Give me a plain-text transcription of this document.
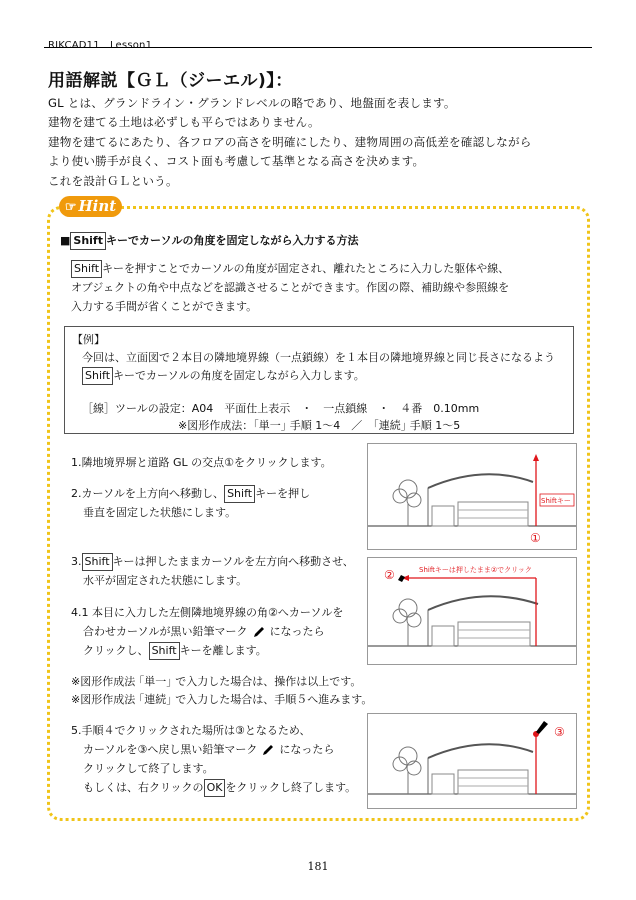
RIKCAD11　Lesson1
用語解説【ＧＬ（ジーエル)】：
GL とは、グランドライン・グランドレベルの略であり、地盤面を表します。
建物を建てる土地は必ずしも平らではありません。
建物を建てるにあたり、各フロアの高さを明確にしたり、建物周囲の高低差を確認しながら
より使い勝手が良く、コスト面も考慮して基準となる高さを決めます。
これを設計ＧＬという。
☞ Hint
■ Shift キーでカーソルの角度を固定しながら入力する方法
Shift キーを押すことでカーソルの角度が固定され、離れたところに入力した躯体や線、
オブジェクトの角や中点などを認識させることができます。作図の際、補助線や参照線を
入力する手間が省くことができます。
【例】
今回は、立面図で２本目の隣地境界線（一点鎖線）を１本目の隣地境界線と同じ長さになるよう
Shift キーでカーソルの角度を固定しながら入力します。
［線］ツールの設定：A04　平面仕上表示　・　一点鎖線　・　４番　0.10mm
※図形作成法：｢単一｣ 手順 1～4　／　｢連続｣ 手順 1～5
1.隣地境界塀と道路 GL の交点①をクリックします。
2.カーソルを上方向へ移動し、 Shift キーを押し
垂直を固定した状態にします。
3. Shift キーは押したままカーソルを左方向へ移動させ、
水平が固定された状態にします。
4.1 本目に入力した左側隣地境界線の角②へカーソルを
合わせカーソルが黒い鉛筆マーク になったら
クリックし、 Shift キーを離します。
※図形作成法 ｢単一｣ で入力した場合は、操作は以上です。
※図形作成法 ｢連続｣ で入力した場合は、手順５へ進みます。
5.手順４でクリックされた場所は③となるため、
カーソルを③へ戻し黒い鉛筆マーク になったら
クリックして終了します。
もしくは、右クリックの OK をクリックし終了します。
Shiftキー
①
Shiftキーは押したまま②でクリック
②
③
181
